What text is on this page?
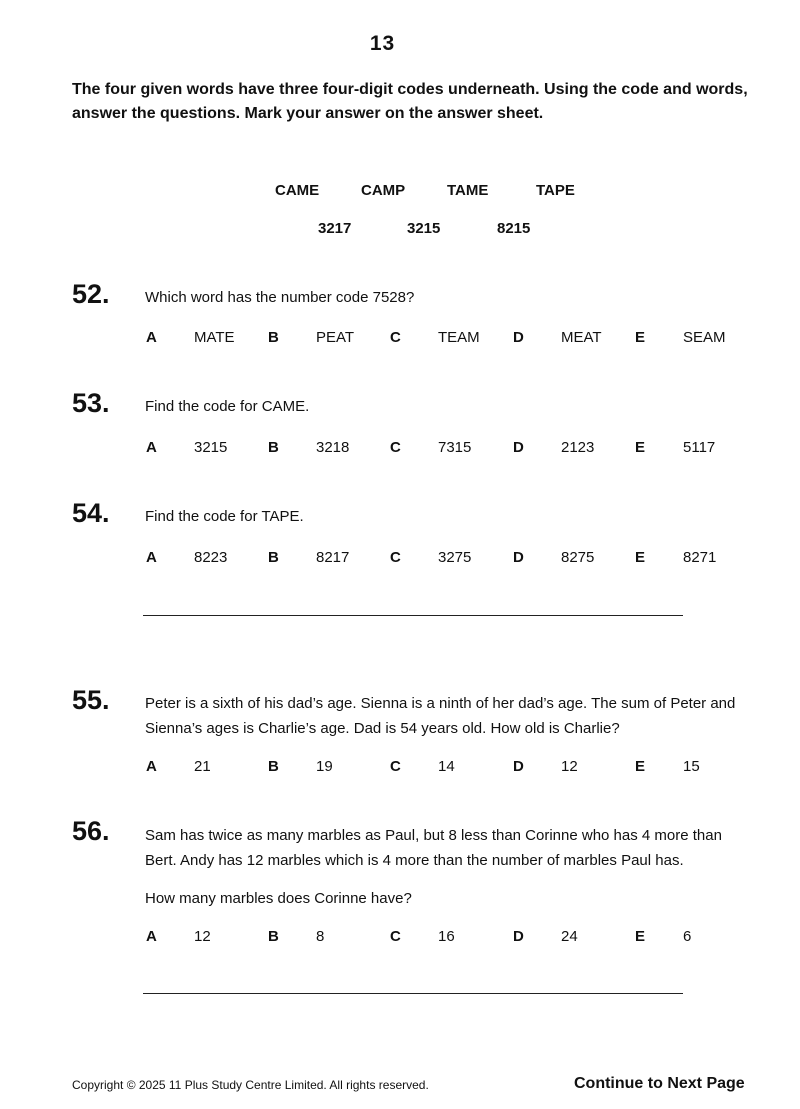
13
The four given words have three four-digit codes underneath. Using the code and words, answer the questions. Mark your answer on the answer sheet.
CAME	CAMP	TAME	TAPE
3217	3215	8215
52. Which word has the number code 7528?
A MATE B PEAT C TEAM D MEAT E	SEAM
53. Find the code for CAME.
A 3215	B 3218	C 7315	D 2123	E	5117
54. Find the code for TAPE.
A 8223	B 8217	C 3275	D 8275	E	8271
55. Peter is a sixth of his dad’s age. Sienna is a ninth of her dad’s age. The sum of Peter and Sienna’s ages is Charlie’s age. Dad is 54 years old. How old is Charlie?
A 21	B 19	C 14	D 12	E	15
56. Sam has twice as many marbles as Paul, but 8 less than Corinne who has 4 more than Bert. Andy has 12 marbles which is 4 more than the number of marbles Paul has.
How many marbles does Corinne have?
A 12	B 8	C 16	D 24	E	6
Copyright © 2025 11 Plus Study Centre Limited. All rights reserved.	Continue to Next Page
